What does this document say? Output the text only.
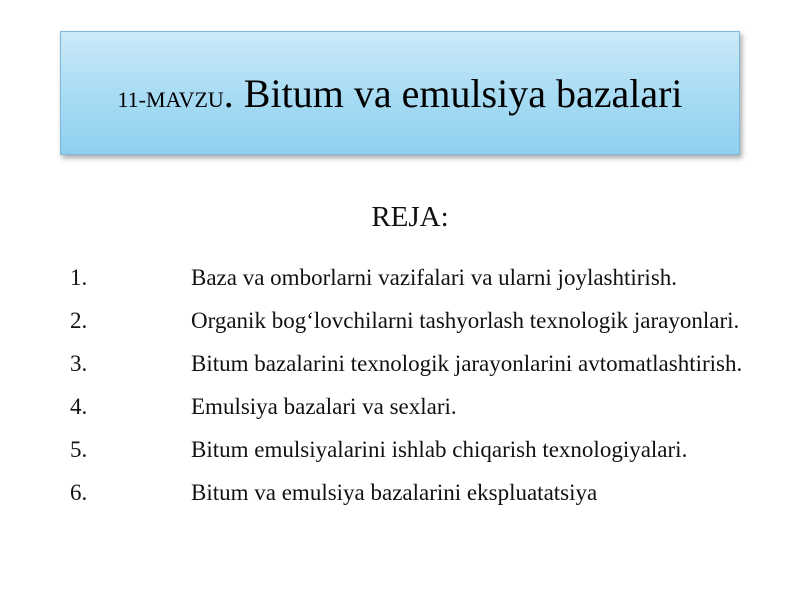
11-MAVZU. Bitum va emulsiya bazalari
REJA:
1.	Baza va omborlarni vazifalari va ularni joylashtirish.
2.	Organik bog‘lovchilarni tashyorlash texnologik jarayonlari.
3.	Bitum bazalarini texnologik jarayonlarini avtomatlashtirish.
4.	Emulsiya bazalari va sexlari.
5.	Bitum emulsiyalarini ishlab chiqarish texnologiyalari.
6.	Bitum va emulsiya bazalarini ekspluatatsiya
